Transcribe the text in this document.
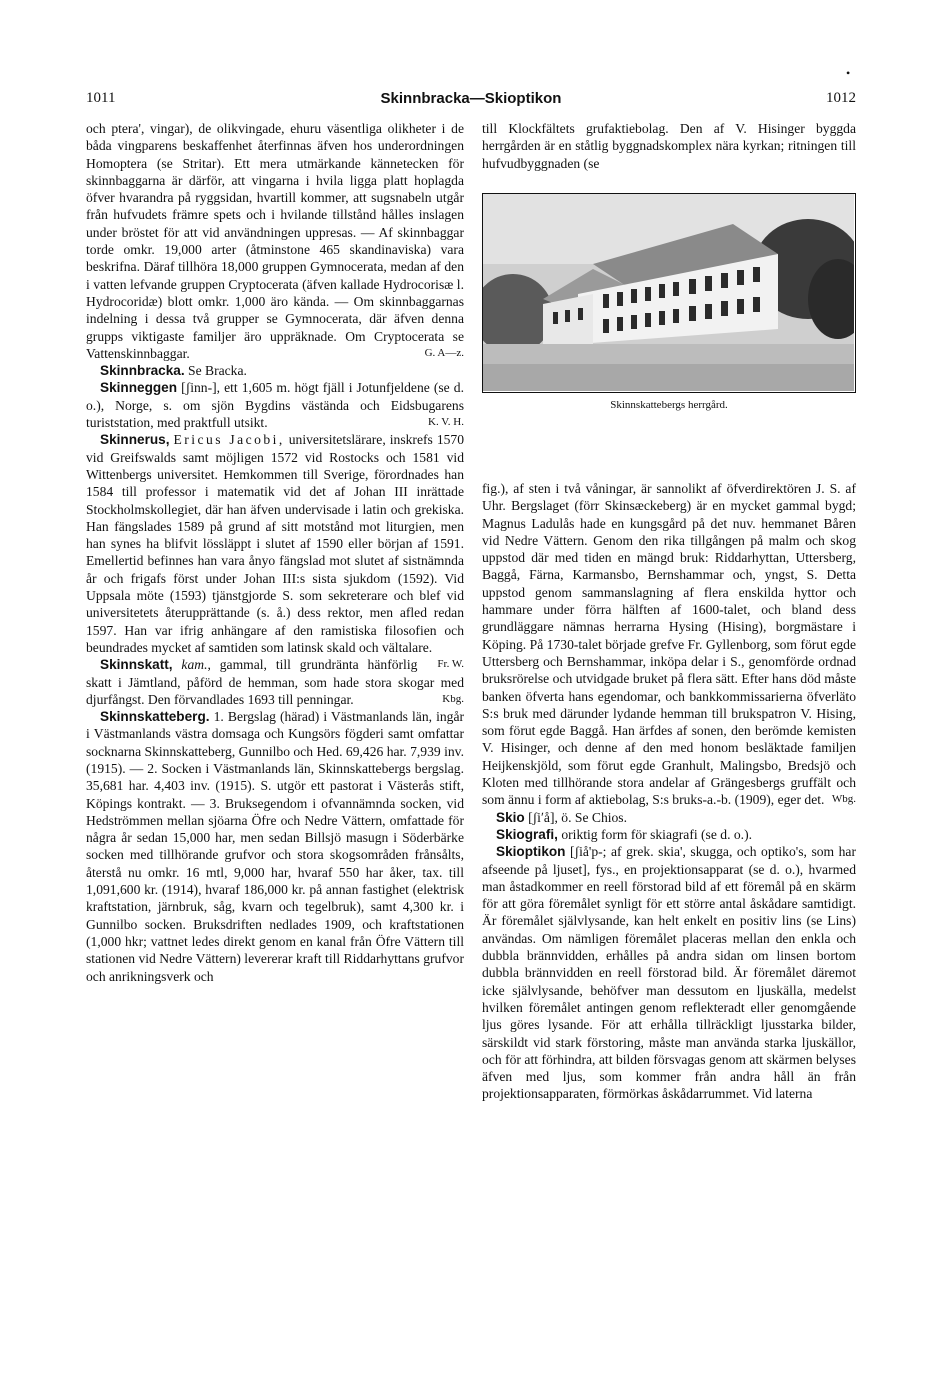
•
1011	Skinnbracka—Skioptikon	1012

och ptera', vingar), de olikvingade, ehuru väsentliga olikheter i de båda vingparens beskaffenhet återfinnas äfven hos underordningen Homoptera (se Stritar). Ett mera utmärkande kännetecken för skinnbaggarna är därför, att vingarna i hvila ligga platt hoplagda öfver hvarandra på ryggsidan, hvartill kommer, att sugsnabeln utgår från hufvudets främre spets och i hvilande tillstånd hålles inslagen under bröstet för att vid användningen uppresas. — Af skinnbaggar torde omkr. 19,000 arter (åtminstone 465 skandinaviska) vara beskrifna. Däraf tillhöra 18,000 gruppen Gymnocerata, medan af den i vatten lefvande gruppen Cryptocerata (äfven kallade Hydrocorisæ l. Hydrocoridæ) blott omkr. 1,000 äro kända. — Om skinnbaggarnas indelning i dessa två grupper se Gymnocerata, där äfven denna grupps viktigaste familjer äro uppräknade. Om Cryptocerata se Vattenskinnbaggar.	G. A—z.

Skinnbracka. Se Bracka.

Skinneggen [ʃinn-], ett 1,605 m. högt fjäll i Jotunfjeldene (se d. o.), Norge, s. om sjön Bygdins västända och Eidsbugarens turiststation, med praktfull utsikt.	K. V. H.

Skinnerus, Ericus Jacobi, universitetslärare, inskrefs 1570 vid Greifswalds samt möjligen 1572 vid Rostocks och 1581 vid Wittenbergs universitet. Hemkommen till Sverige, förordnades han 1584 till professor i matematik vid det af Johan III inrättade Stockholmskollegiet, där han äfven undervisade i latin och grekiska. Han fängslades 1589 på grund af sitt motstånd mot liturgien, men han synes ha blifvit lössläppt i slutet af 1590 eller början af 1591. Emellertid befinnes han vara ånyo fängslad mot slutet af sistnämnda år och frigafs först under Johan III:s sista sjukdom (1592). Vid Uppsala möte (1593) tjänstgjorde S. som sekreterare och blef vid universitetets återupprättande (s. å.) dess rektor, men afled redan 1597. Han var ifrig anhängare af den ramistiska filosofien och beundrades mycket af samtiden som latinsk skald och vältalare.
Fr. W.

Skinnskatt, kam., gammal, till grundränta hänförlig skatt i Jämtland, påförd de hemman, som hade stora skogar med djurfångst. Den förvandlades 1693 till penningar.	Kbg.

Skinnskatteberg. 1. Bergslag (härad) i Västmanlands län, ingår i Västmanlands västra domsaga och Kungsörs fögderi samt omfattar socknarna Skinnskatteberg, Gunnilbo och Hed. 69,426 har. 7,939 inv. (1915). — 2. Socken i Västmanlands län, Skinnskattebergs bergslag. 35,681 har. 4,403 inv. (1915). S. utgör ett pastorat i Västerås stift, Köpings kontrakt. — 3. Bruksegendom i ofvannämnda socken, vid Hedströmmen mellan sjöarna Öfre och Nedre Vättern, omfattade för några år sedan 15,000 har, men sedan Billsjö masugn i Söderbärke socken med tillhörande grufvor och stora skogsområden frånsålts, återstå nu omkr. 16 mtl, 9,000 har, hvaraf 550 har åker, tax. till 1,091,600 kr. (1914), hvaraf 186,000 kr. på annan fastighet (elektrisk kraftstation, järnbruk, såg, kvarn och tegelbruk), samt 4,300 kr. i Gunnilbo socken. Bruksdriften nedlades 1909, och kraftstationen (1,000 hkr; vattnet ledes direkt genom en kanal från Öfre Vättern till stationen vid Nedre Vättern) levererar kraft till Riddarhyttans grufvor och anrikningsverk och

till Klockfältets grufaktiebolag. Den af V. Hisinger byggda herrgården är en ståtlig byggnadskomplex nära kyrkan; ritningen till hufvudbyggnaden (se

Skinnskattebergs herrgård.

fig.), af sten i två våningar, är sannolikt af öfverdirektören J. S. af Uhr. Bergslaget (förr Skinsæckeberg) är en mycket gammal bygd; Magnus Ladulås hade en kungsgård på det nuv. hemmanet Båren vid Nedre Vättern. Genom den rika tillgången på malm och skog uppstod där med tiden en mängd bruk: Riddarhyttan, Uttersberg, Baggå, Färna, Karmansbo, Bernshammar och, yngst, S. Detta uppstod genom sammanslagning af flera enskilda hyttor och hammare under förra hälften af 1600-talet, och bland dess grundläggare nämnas herrarna Hysing (Hising), borgmästare i Köping. På 1730-talet började grefve Fr. Gyllenborg, som förut egde Uttersberg och Bernshammar, inköpa delar i S., genomförde ordnad bruksrörelse och utvidgade bruket på flera sätt. Efter hans död måste banken öfverta hans egendomar, och bankkommissarierna öfverläto S:s bruk med därunder lydande hemman till brukspatron V. Hising, som förut egde Baggå. Han ärfdes af sonen, den berömde kemisten V. Hisinger, och denne af den med honom besläktade familjen Heijkenskjöld, som förut egde Granhult, Malingsbo, Bredsjö och Kloten med tillhörande stora andelar af Grängesbergs gruffält och som ännu i form af aktiebolag, S:s bruks-a.-b. (1909), eger det. Wbg.

Skio [ʃiʹå], ö. Se Chios.

Skiografi, oriktig form för skiagrafi (se d. o.).

Skioptikon [ʃiå'p-; af grek. skia', skugga, och optiko's, som har afseende på ljuset], fys., en projektionsapparat (se d. o.), hvarmed man åstadkommer en reell förstorad bild af ett föremål på en skärm för att göra föremålet synligt för ett större antal åskådare samtidigt. Är föremålet självlysande, kan helt enkelt en positiv lins (se Lins) användas. Om nämligen föremålet placeras mellan den enkla och dubbla brännvidden, erhålles på andra sidan om linsen bortom dubbla brännvidden en reell förstorad bild. Är föremålet däremot icke självlysande, behöfver man dessutom en ljuskälla, medelst hvilken föremålet antingen genom reflekteradt eller genomgående ljus göres lysande. För att erhålla tillräckligt ljusstarka bilder, särskildt vid stark förstoring, måste man använda starka ljuskällor, och för att förhindra, att bilden försvagas genom att skärmen belyses äfven med ljus, som kommer från andra håll än från projektionsapparaten, förmörkas åskådarrummet. Vid laterna
